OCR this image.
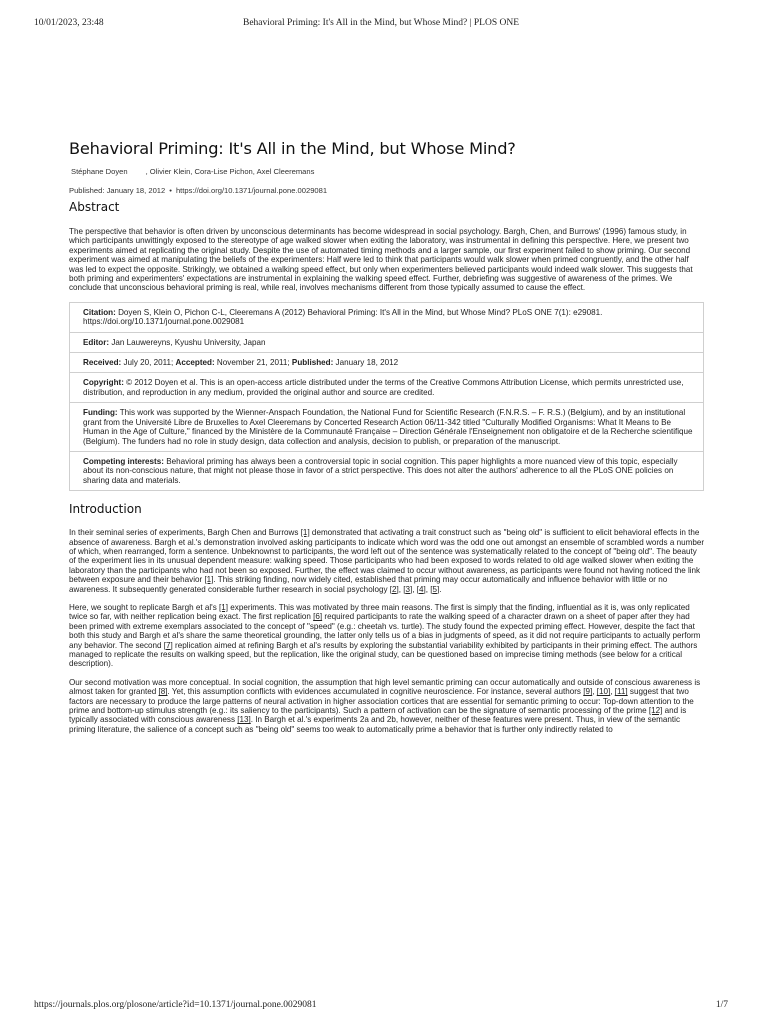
10/01/2023, 23:48	Behavioral Priming: It's All in the Mind, but Whose Mind? | PLOS ONE
Behavioral Priming: It's All in the Mind, but Whose Mind?
Stéphane Doyen , Olivier Klein, Cora-Lise Pichon, Axel Cleeremans
Published: January 18, 2012 • https://doi.org/10.1371/journal.pone.0029081
Abstract

The perspective that behavior is often driven by unconscious determinants has become widespread in social psychology. Bargh, Chen, and Burrows' (1996) famous study, in which participants unwittingly exposed to the stereotype of age walked slower when exiting the laboratory, was instrumental in defining this perspective. Here, we present two experiments aimed at replicating the original study. Despite the use of automated timing methods and a larger sample, our first experiment failed to show priming. Our second experiment was aimed at manipulating the beliefs of the experimenters: Half were led to think that participants would walk slower when primed congruently, and the other half was led to expect the opposite. Strikingly, we obtained a walking speed effect, but only when experimenters believed participants would indeed walk slower. This suggests that both priming and experimenters' expectations are instrumental in explaining the walking speed effect. Further, debriefing was suggestive of awareness of the primes. We conclude that unconscious behavioral priming is real, while real, involves mechanisms different from those typically assumed to cause the effect.

Citation: Doyen S, Klein O, Pichon C-L, Cleeremans A (2012) Behavioral Priming: It's All in the Mind, but Whose Mind? PLoS ONE 7(1): e29081. https://doi.org/10.1371/journal.pone.0029081
Editor: Jan Lauwereyns, Kyushu University, Japan
Received: July 20, 2011; Accepted: November 21, 2011; Published: January 18, 2012
Copyright: © 2012 Doyen et al. This is an open-access article distributed under the terms of the Creative Commons Attribution License, which permits unrestricted use, distribution, and reproduction in any medium, provided the original author and source are credited.
Funding: This work was supported by the Wienner-Anspach Foundation, the National Fund for Scientific Research (F.N.R.S. – F. R.S.) (Belgium), and by an institutional grant from the Université Libre de Bruxelles to Axel Cleeremans by Concerted Research Action 06/11-342 titled "Culturally Modified Organisms: What It Means to Be Human in the Age of Culture," financed by the Ministère de la Communauté Française – Direction Générale l'Enseignement non obligatoire et de la Recherche scientifique (Belgium). The funders had no role in study design, data collection and analysis, decision to publish, or preparation of the manuscript.
Competing interests: Behavioral priming has always been a controversial topic in social cognition. This paper highlights a more nuanced view of this topic, especially about its non-conscious nature, that might not please those in favor of a strict perspective. This does not alter the authors' adherence to all the PLoS ONE policies on sharing data and materials.
Introduction

In their seminal series of experiments, Bargh Chen and Burrows [1] demonstrated that activating a trait construct such as "being old" is sufficient to elicit behavioral effects in the absence of awareness. Bargh et al.'s demonstration involved asking participants to indicate which word was the odd one out amongst an ensemble of scrambled words a number of which, when rearranged, form a sentence. Unbeknownst to participants, the word left out of the sentence was systematically related to the concept of "being old". The beauty of the experiment lies in its unusual dependent measure: walking speed. Those participants who had been exposed to words related to old age walked slower when exiting the laboratory than the participants who had not been so exposed. Further, the effect was claimed to occur without awareness, as participants were found not having noticed the link between exposure and their behavior [1]. This striking finding, now widely cited, established that priming may occur automatically and influence behavior with little or no awareness. It subsequently generated considerable further research in social psychology [2], [3], [4], [5].

Here, we sought to replicate Bargh et al's [1] experiments. This was motivated by three main reasons. The first is simply that the finding, influential as it is, was only replicated twice so far, with neither replication being exact. The first replication [6] required participants to rate the walking speed of a character drawn on a sheet of paper after they had been primed with extreme exemplars associated to the concept of "speed" (e.g.: cheetah vs. turtle). The study found the expected priming effect. However, despite the fact that both this study and Bargh et al's share the same theoretical grounding, the latter only tells us of a bias in judgments of speed, as it did not require participants to actually perform any behavior. The second [7] replication aimed at refining Bargh et al's results by exploring the substantial variability exhibited by participants in their priming effect. The authors managed to replicate the results on walking speed, but the replication, like the original study, can be questioned based on imprecise timing methods (see below for a critical description).

Our second motivation was more conceptual. In social cognition, the assumption that high level semantic priming can occur automatically and outside of conscious awareness is almost taken for granted [8]. Yet, this assumption conflicts with evidences accumulated in cognitive neuroscience. For instance, several authors [9], [10], [11] suggest that two factors are necessary to produce the large patterns of neural activation in higher association cortices that are essential for semantic priming to occur: Top-down attention to the prime and bottom-up stimulus strength (e.g.: its saliency to the participants). Such a pattern of activation can be the signature of semantic processing of the prime [12] and is typically associated with conscious awareness [13]. In Bargh et al.'s experiments 2a and 2b, however, neither of these features were present. Thus, in view of the semantic priming literature, the salience of a concept such as "being old" seems too weak to automatically prime a behavior that is further only indirectly related to

https://journals.plos.org/plosone/article?id=10.1371/journal.pone.0029081	1/7
